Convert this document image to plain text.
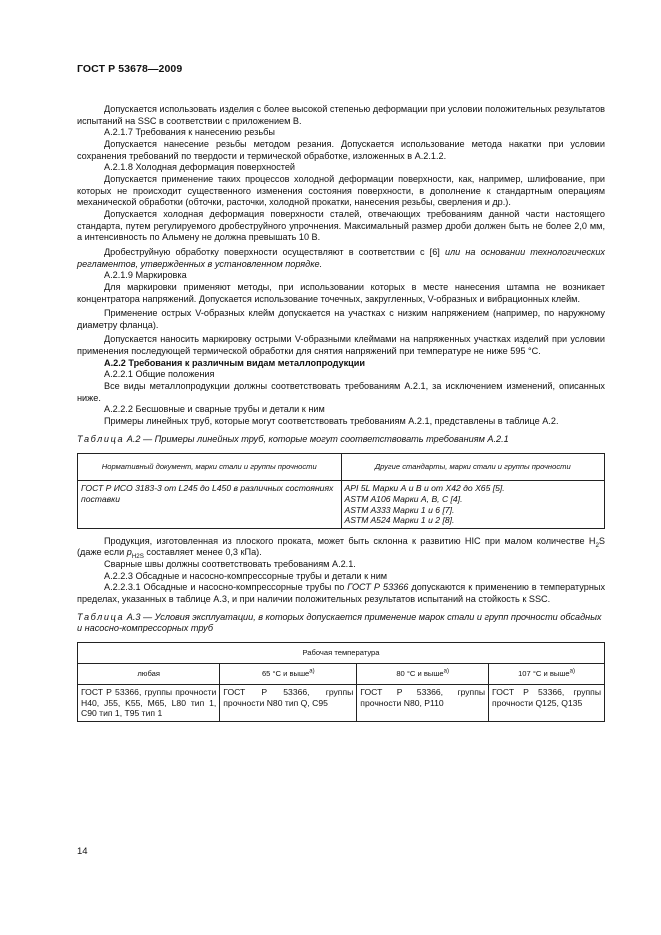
ГОСТ Р 53678—2009

Допускается использовать изделия с более высокой степенью деформации при условии положительных результатов испытаний на SSC в соответствии с приложением В.

А.2.1.7 Требования к нанесению резьбы

Допускается нанесение резьбы методом резания. Допускается использование метода накатки при условии сохранения требований по твердости и термической обработке, изложенных в А.2.1.2.

А.2.1.8 Холодная деформация поверхностей

Допускается применение таких процессов холодной деформации поверхности, как, например, шлифование, при которых не происходит существенного изменения состояния поверхности, в дополнение к стандартным операциям механической обработки (обточки, расточки, холодной прокатки, нанесения резьбы, сверления и др.).

Допускается холодная деформация поверхности сталей, отвечающих требованиям данной части настоящего стандарта, путем регулируемого дробеструйного упрочнения. Максимальный размер дроби должен быть не более 2,0 мм, а интенсивность по Альмену не должна превышать 10 В.

Дробеструйную обработку поверхности осуществляют в соответствии с [6] или на основании технологических регламентов, утвержденных в установленном порядке.

А.2.1.9 Маркировка

Для маркировки применяют методы, при использовании которых в месте нанесения штампа не возникает концентратора напряжений. Допускается использование точечных, закругленных, V-образных и вибрационных клейм.

Применение острых V-образных клейм допускается на участках с низким напряжением (например, по наружному диаметру фланца).

Допускается наносить маркировку острыми V-образными клеймами на напряженных участках изделий при условии применения последующей термической обработки для снятия напряжений при температуре не ниже 595 °С.

А.2.2 Требования к различным видам металлопродукции

А.2.2.1 Общие положения

Все виды металлопродукции должны соответствовать требованиям А.2.1, за исключением изменений, описанных ниже.

А.2.2.2 Бесшовные и сварные трубы и детали к ним

Примеры линейных труб, которые могут соответствовать требованиям А.2.1, представлены в таблице А.2.

Таблица А.2 — Примеры линейных труб, которые могут соответствовать требованиям А.2.1

Нормативный документ, марки стали и группы прочности	Другие стандарты, марки стали и группы прочности
ГОСТ Р ИСО 3183-3 от L245 до L450 в различных состояниях поставки	API 5L Марки А и В и от Х42 до Х65 [5].
ASTM A106 Марки А, В, С [4].
ASTM A333 Марки 1 и 6 [7].
ASTM A524 Марки 1 и 2 [8].

Продукция, изготовленная из плоского проката, может быть склонна к развитию HIC при малом количестве $H_2S$ (даже если $p_{H2S}$ составляет менее 0,3 кПа).

Сварные швы должны соответствовать требованиям А.2.1.

А.2.2.3 Обсадные и насосно-компрессорные трубы и детали к ним

А.2.2.3.1 Обсадные и насосно-компрессорные трубы по ГОСТ Р 53366 допускаются к применению в температурных пределах, указанных в таблице А.3, и при наличии положительных результатов испытаний на стойкость к SSC.

Таблица А.3 — Условия эксплуатации, в которых допускается применение марок стали и групп прочности обсадных и насосно-компрессорных труб

Рабочая температура			
любая	65 °С и выше$^{а)}$	80 °С и выше$^{а)}$	107 °С и выше$^{а)}$
ГОСТ Р 53366, группы прочности Н40, J55, K55, M65, L80 тип 1, С90 тип 1, Т95 тип 1	ГОСТ Р 53366, группы прочности N80 тип Q, С95	ГОСТ Р 53366, группы прочности N80, Р110	ГОСТ Р 53366, группы прочности Q125, Q135
14
